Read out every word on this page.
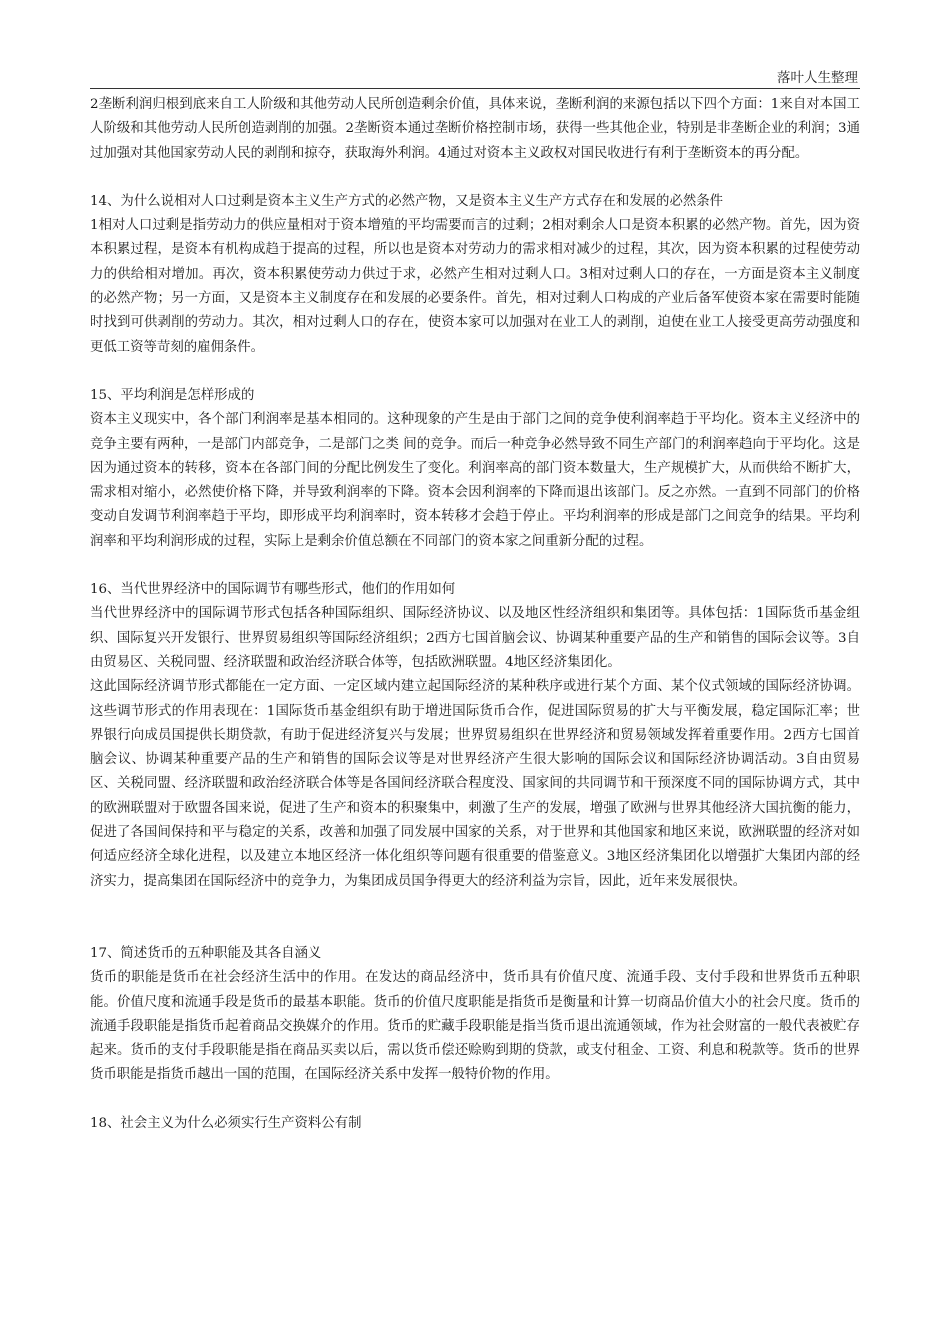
落叶人生整理

2垄断利润归根到底来自工人阶级和其他劳动人民所创造剩余价值，具体来说，垄断利润的来源包括以下四个方面：1来自对本国工人阶级和其他劳动人民所创造剥削的加强。2垄断资本通过垄断价格控制市场，获得一些其他企业，特别是非垄断企业的利润；3通过加强对其他国家劳动人民的剥削和掠夺，获取海外利润。4通过对资本主义政权对国民收进行有利于垄断资本的再分配。

14、为什么说相对人口过剩是资本主义生产方式的必然产物，又是资本主义生产方式存在和发展的必然条件

1相对人口过剩是指劳动力的供应量相对于资本增殖的平均需要而言的过剩；2相对剩余人口是资本积累的必然产物。首先，因为资本积累过程，是资本有机构成趋于提高的过程，所以也是资本对劳动力的需求相对减少的过程，其次，因为资本积累的过程使劳动力的供给相对增加。再次，资本积累使劳动力供过于求，必然产生相对过剩人口。3相对过剩人口的存在，一方面是资本主义制度的必然产物；另一方面，又是资本主义制度存在和发展的必要条件。首先，相对过剩人口构成的产业后备军使资本家在需要时能随时找到可供剥削的劳动力。其次，相对过剩人口的存在，使资本家可以加强对在业工人的剥削，迫使在业工人接受更高劳动强度和更低工资等苛刻的雇佣条件。

15、平均利润是怎样形成的

资本主义现实中，各个部门利润率是基本相同的。这种现象的产生是由于部门之间的竞争使利润率趋于平均化。资本主义经济中的竞争主要有两种，一是部门内部竞争，二是部门之类 间的竞争。而后一种竞争必然导致不同生产部门的利润率趋向于平均化。这是因为通过资本的转移，资本在各部门间的分配比例发生了变化。利润率高的部门资本数量大，生产规模扩大，从而供给不断扩大，需求相对缩小，必然使价格下降，并导致利润率的下降。资本会因利润率的下降而退出该部门。反之亦然。一直到不同部门的价格变动自发调节利润率趋于平均，即形成平均利润率时，资本转移才会趋于停止。平均利润率的形成是部门之间竞争的结果。平均利润率和平均利润形成的过程，实际上是剩余价值总额在不同部门的资本家之间重新分配的过程。

16、当代世界经济中的国际调节有哪些形式，他们的作用如何

当代世界经济中的国际调节形式包括各种国际组织、国际经济协议、以及地区性经济组织和集团等。具体包括：1国际货币基金组织、国际复兴开发银行、世界贸易组织等国际经济组织；2西方七国首脑会议、协调某种重要产品的生产和销售的国际会议等。3自由贸易区、关税同盟、经济联盟和政治经济联合体等，包括欧洲联盟。4地区经济集团化。

这此国际经济调节形式都能在一定方面、一定区域内建立起国际经济的某种秩序或进行某个方面、某个仪式领域的国际经济协调。这些调节形式的作用表现在：1国际货币基金组织有助于增进国际货币合作，促进国际贸易的扩大与平衡发展，稳定国际汇率；世界银行向成员国提供长期贷款，有助于促进经济复兴与发展；世界贸易组织在世界经济和贸易领域发挥着重要作用。2西方七国首脑会议、协调某种重要产品的生产和销售的国际会议等是对世界经济产生很大影响的国际会议和国际经济协调活动。3自由贸易区、关税同盟、经济联盟和政治经济联合体等是各国间经济联合程度没、国家间的共同调节和干预深度不同的国际协调方式，其中的欧洲联盟对于欧盟各国来说，促进了生产和资本的积聚集中，刺激了生产的发展，增强了欧洲与世界其他经济大国抗衡的能力，促进了各国间保持和平与稳定的关系，改善和加强了同发展中国家的关系，对于世界和其他国家和地区来说，欧洲联盟的经济对如何适应经济全球化进程，以及建立本地区经济一体化组织等问题有很重要的借鉴意义。3地区经济集团化以增强扩大集团内部的经济实力，提高集团在国际经济中的竞争力，为集团成员国争得更大的经济利益为宗旨，因此，近年来发展很快。

17、简述货币的五种职能及其各自涵义

货币的职能是货币在社会经济生活中的作用。在发达的商品经济中，货币具有价值尺度、流通手段、支付手段和世界货币五种职能。价值尺度和流通手段是货币的最基本职能。货币的价值尺度职能是指货币是衡量和计算一切商品价值大小的社会尺度。货币的流通手段职能是指货币起着商品交换媒介的作用。货币的贮藏手段职能是指当货币退出流通领域，作为社会财富的一般代表被贮存起来。货币的支付手段职能是指在商品买卖以后，需以货币偿还赊购到期的贷款，或支付租金、工资、利息和税款等。货币的世界货币职能是指货币越出一国的范围，在国际经济关系中发挥一般特价物的作用。

18、社会主义为什么必须实行生产资料公有制
